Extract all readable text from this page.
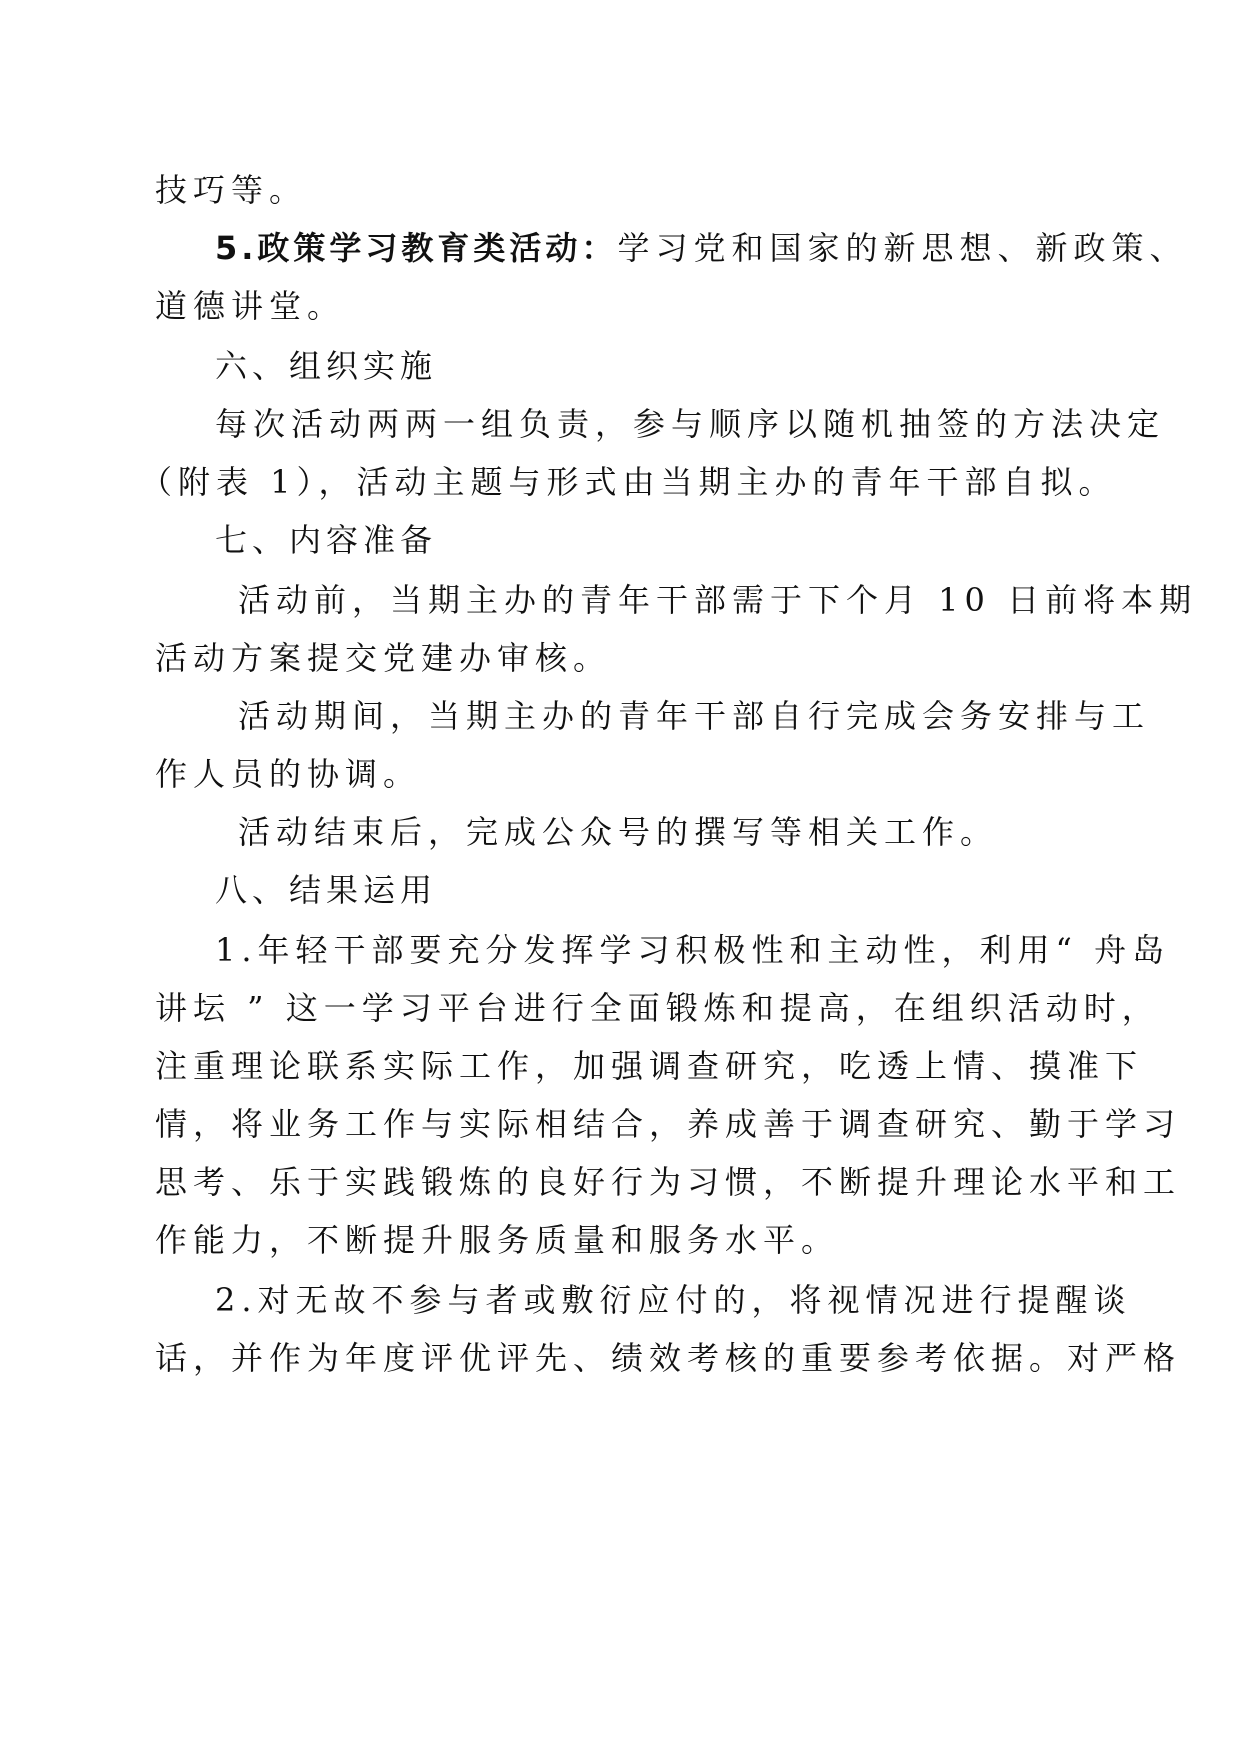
技巧等。
5.政策学习教育类活动：学习党和国家的新思想、新政策、
道德讲堂。
六、组织实施
每次活动两两一组负责，参与顺序以随机抽签的方法决定
（附表 1），活动主题与形式由当期主办的青年干部自拟。
七、内容准备
活动前，当期主办的青年干部需于下个月 10 日前将本期
活动方案提交党建办审核。
活动期间，当期主办的青年干部自行完成会务安排与工
作人员的协调。
活动结束后，完成公众号的撰写等相关工作。
八、结果运用
1.年轻干部要充分发挥学习积极性和主动性，利用“ 舟岛
讲坛 ” 这一学习平台进行全面锻炼和提高，在组织活动时，
注重理论联系实际工作，加强调查研究，吃透上情、摸准下
情，将业务工作与实际相结合，养成善于调查研究、勤于学习
思考、乐于实践锻炼的良好行为习惯，不断提升理论水平和工
作能力，不断提升服务质量和服务水平。
2.对无故不参与者或敷衍应付的，将视情况进行提醒谈
话，并作为年度评优评先、绩效考核的重要参考依据。对严格
